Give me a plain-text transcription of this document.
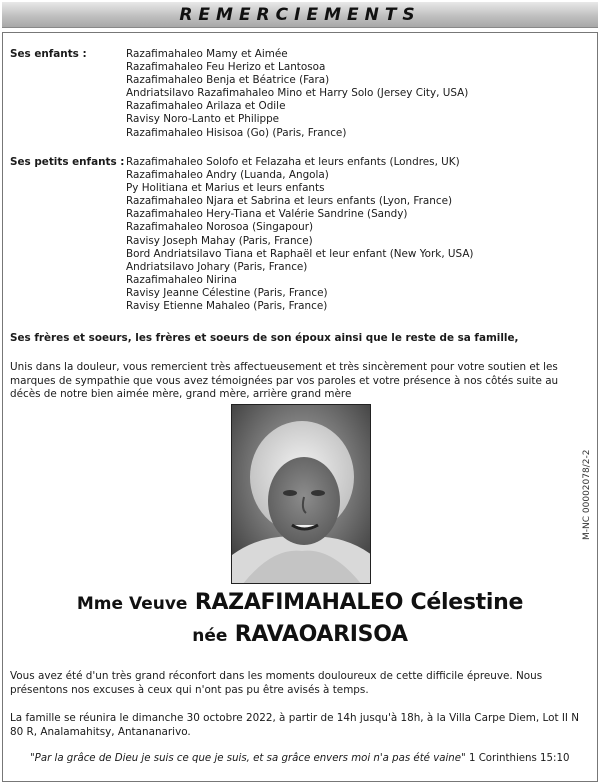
REMERCIEMENTS
Ses enfants :	Razafimahaleo Mamy et Aimée
Razafimahaleo Feu Herizo et Lantosoa
Razafimahaleo Benja et Béatrice (Fara)
Andriatsilavo Razafimahaleo Mino et Harry Solo (Jersey City, USA)
Razafimahaleo Arilaza et Odile
Ravisy Noro-Lanto et Philippe
Razafimahaleo Hisisoa (Go) (Paris, France)
Ses petits enfants : Razafimahaleo Solofo et Felazaha et leurs enfants (Londres, UK)
Razafimahaleo Andry (Luanda, Angola)
Py Holitiana et Marius et leurs enfants
Razafimahaleo Njara et Sabrina et leurs enfants (Lyon, France)
Razafimahaleo Hery-Tiana et Valérie Sandrine (Sandy)
Razafimahaleo Norosoa (Singapour)
Ravisy Joseph Mahay (Paris, France)
Bord Andriatsilavo Tiana et Raphaël et leur enfant (New York, USA)
Andriatsilavo Johary (Paris, France)
Razafimahaleo Nirina
Ravisy Jeanne Célestine (Paris, France)
Ravisy Etienne Mahaleo (Paris, France)

Ses frères et soeurs, les frères et soeurs de son époux ainsi que le reste de sa famille,

Unis dans la douleur, vous remercient très affectueusement et très sincèrement pour votre soutien et les marques de sympathie que vous avez témoignées par vos paroles et votre présence à nos côtés suite au décès de notre bien aimée mère, grand mère, arrière grand mère

Mme Veuve RAZAFIMAHALEO Célestine
née RAVAOARISOA

Vous avez été d'un très grand réconfort dans les moments douloureux de cette difficile épreuve. Nous présentons nos excuses à ceux qui n'ont pas pu être avisés à temps.

La famille se réunira le dimanche 30 octobre 2022, à partir de 14h jusqu'à 18h, à la Villa Carpe Diem, Lot II N 80 R, Analamahitsy, Antananarivo.

"Par la grâce de Dieu je suis ce que je suis, et sa grâce envers moi n'a pas été vaine" 1 Corinthiens 15:10

M-NC 00002078/2-2
